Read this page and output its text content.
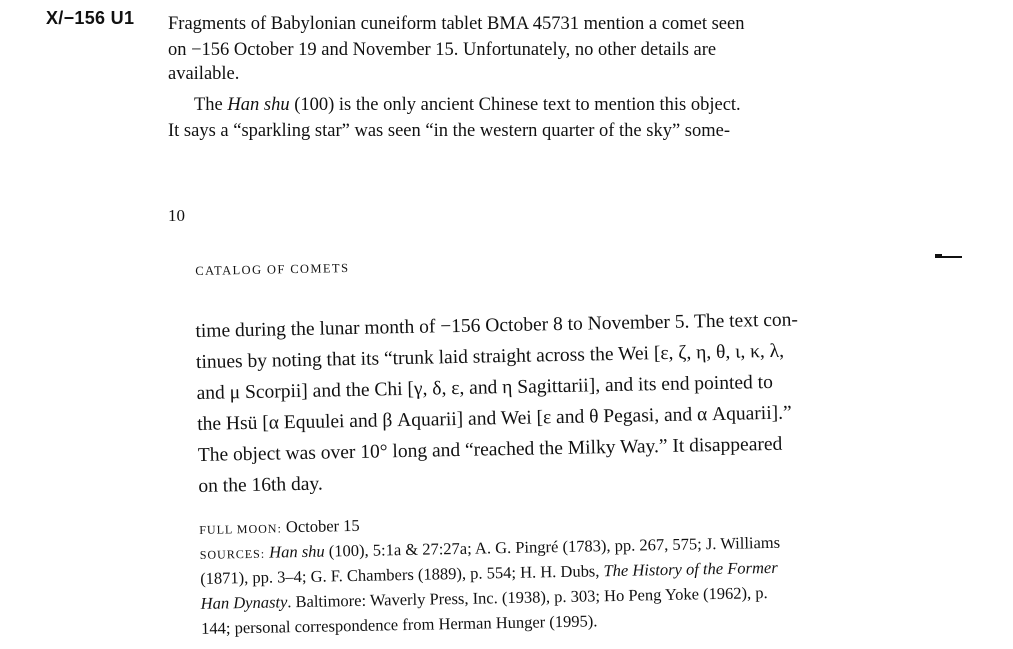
X/−156 U1 Fragments of Babylonian cuneiform tablet BMA 45731 mention a comet seen
on −156 October 19 and November 15. Unfortunately, no other details are
available.
The Han shu (100) is the only ancient Chinese text to mention this object.
It says a “sparkling star” was seen “in the western quarter of the sky” some-
10
CATALOG OF COMETS
time during the lunar month of −156 October 8 to November 5. The text con-
tinues by noting that its “trunk laid straight across the Wei [ε, ζ, η, θ, ι, κ, λ,
and μ Scorpii] and the Chi [γ, δ, ε, and η Sagittarii], and its end pointed to
the Hsü [α Equulei and β Aquarii] and Wei [ε and θ Pegasi, and α Aquarii].”
The object was over 10° long and “reached the Milky Way.” It disappeared
on the 16th day.
FULL MOON: October 15
SOURCES: Han shu (100), 5:1a & 27:27a; A. G. Pingré (1783), pp. 267, 575; J. Williams
(1871), pp. 3–4; G. F. Chambers (1889), p. 554; H. H. Dubs, The History of the Former
Han Dynasty. Baltimore: Waverly Press, Inc. (1938), p. 303; Ho Peng Yoke (1962), p.
144; personal correspondence from Herman Hunger (1995).
